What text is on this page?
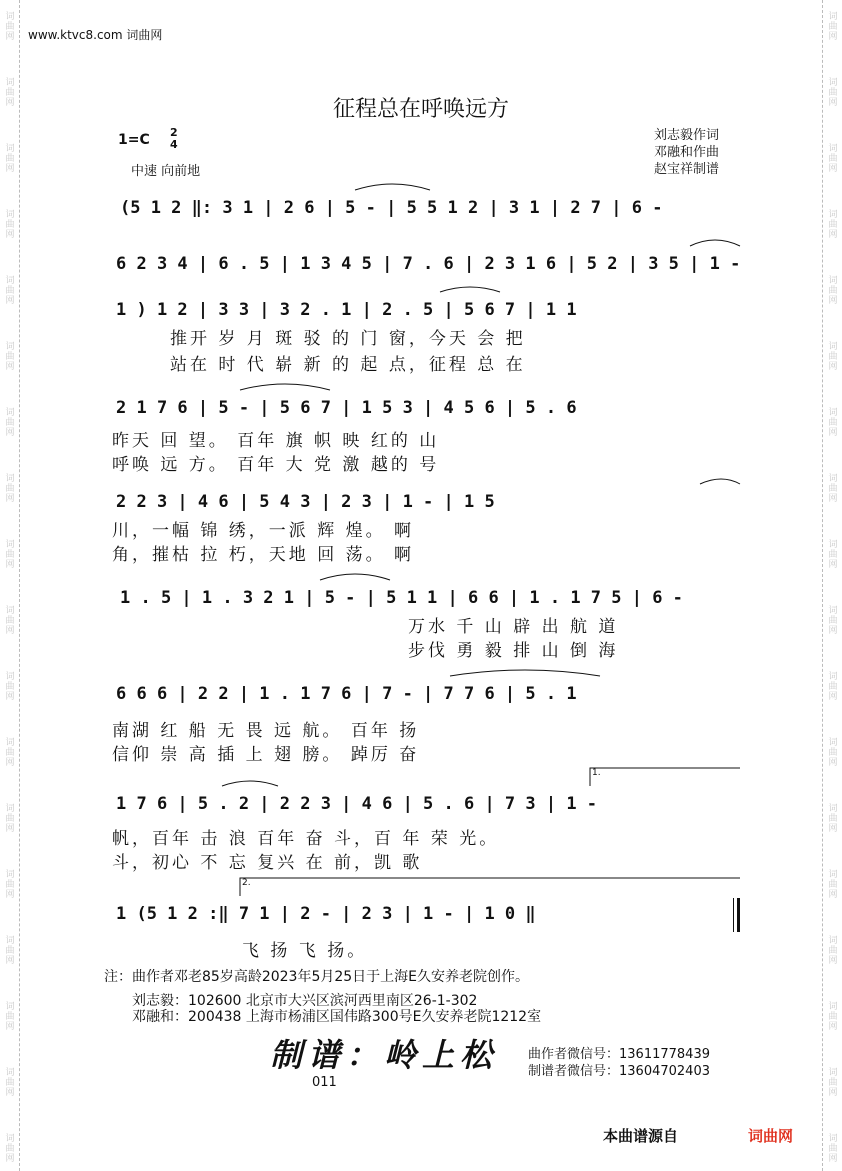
词
曲
网
词
曲
网
词
曲
网
词
曲
网
词
曲
网
词
曲
网
词
曲
网
词
曲
网
词
曲
网
词
曲
网
词
曲
网
词
曲
网
词
曲
网
词
曲
网
词
曲
网
词
曲
网
词
曲
网
词
曲
网
词
曲
网
词
曲
网
词
曲
网
词
曲
网
词
曲
网
词
曲
网
词
曲
网
词
曲
网
词
曲
网
词
曲
网
词
曲
网
词
曲
网
词
曲
网
词
曲
网
词
曲
网
词
曲
网
词
曲
网
词
曲
网
www.ktvc8.com 词曲网
征程总在呼唤远方
1=C 2
4
中速 向前地
刘志毅作词
邓融和作曲
赵宝祥制谱
(5 1 2 ‖: 3 1 | 2 6 | 5 - | 5 5 1 2 | 3 1 | 2 7 | 6 -
6 2 3 4 | 6 . 5 | 1 3 4 5 | 7 . 6 | 2 3 1 6 | 5 2 | 3 5 | 1 -
1 ) 1 2 | 3 3 | 3 2 . 1 | 2 . 5 | 5 6 7 | 1 1
推开 岁 月 斑 驳 的 门 窗，今天 会 把
站在 时 代 崭 新 的 起 点，征程 总 在
2 1 7 6 | 5 - | 5 6 7 | 1 5 3 | 4 5 6 | 5 . 6
昨天 回 望。 百年 旗 帜 映 红的 山
呼唤 远 方。 百年 大 党 激 越的 号
2 2 3 | 4 6 | 5 4 3 | 2 3 | 1 - | 1 5
川，一幅 锦 绣，一派 辉 煌。 啊
角，摧枯 拉 朽，天地 回 荡。 啊
1 . 5 | 1 . 3 2 1 | 5 - | 5 1 1 | 6 6 | 1 . 1 7 5 | 6 -
万水 千 山 辟 出 航 道
步伐 勇 毅 排 山 倒 海
6 6 6 | 2 2 | 1 . 1 7 6 | 7 - | 7 7 6 | 5 . 1
南湖 红 船 无 畏 远 航。 百年 扬
信仰 崇 高 插 上 翅 膀。 踔厉 奋
1.
1 7 6 | 5 . 2 | 2 2 3 | 4 6 | 5 . 6 | 7 3 | 1 -
帆，百年 击 浪 百年 奋 斗，百 年 荣 光。
斗，初心 不 忘 复兴 在 前，凯 歌
2.
1 (5 1 2 :‖ 7 1 | 2 - | 2 3 | 1 - | 1 0 ‖
飞 扬 飞 扬。
注：曲作者邓老85岁高龄2023年5月25日于上海E久安养老院创作。
刘志毅：102600 北京市大兴区滨河西里南区26-1-302
邓融和：200438 上海市杨浦区国伟路300号E久安养老院1212室
制谱：岭上松 曲作者微信号：13611778439
制谱者微信号：13604702403
011
本曲谱源自	词曲网
